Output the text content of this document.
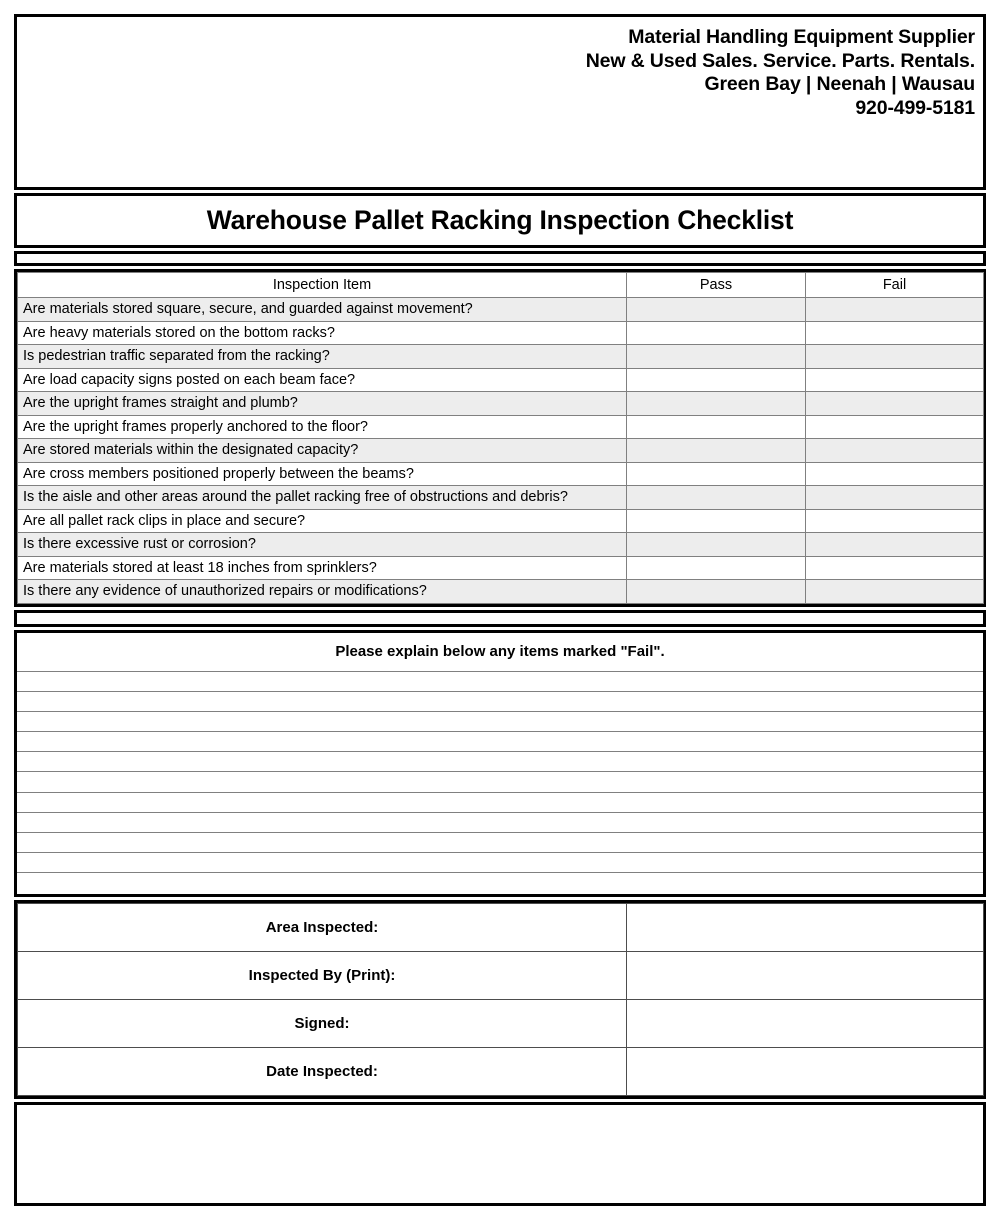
Material Handling Equipment Supplier
New & Used Sales. Service. Parts. Rentals.
Green Bay | Neenah | Wausau
920-499-5181
Warehouse Pallet Racking Inspection Checklist
Inspection Item	Pass	Fail
Are materials stored square, secure, and guarded against movement?		
Are heavy materials stored on the bottom racks?		
Is pedestrian traffic separated from the racking?		
Are load capacity signs posted on each beam face?		
Are the upright frames straight and plumb?		
Are the upright frames properly anchored to the floor?		
Are stored materials within the designated capacity?		
Are cross members positioned properly between the beams?		
Is the aisle and other areas around the pallet racking free of obstructions and debris?		
Are all pallet rack clips in place and secure?		
Is there excessive rust or corrosion?		
Are materials stored at least 18 inches from sprinklers?		
Is there any evidence of unauthorized repairs or modifications?		
Please explain below any items marked "Fail".
Area Inspected:	
Inspected By (Print):	
Signed:	
Date Inspected:	
